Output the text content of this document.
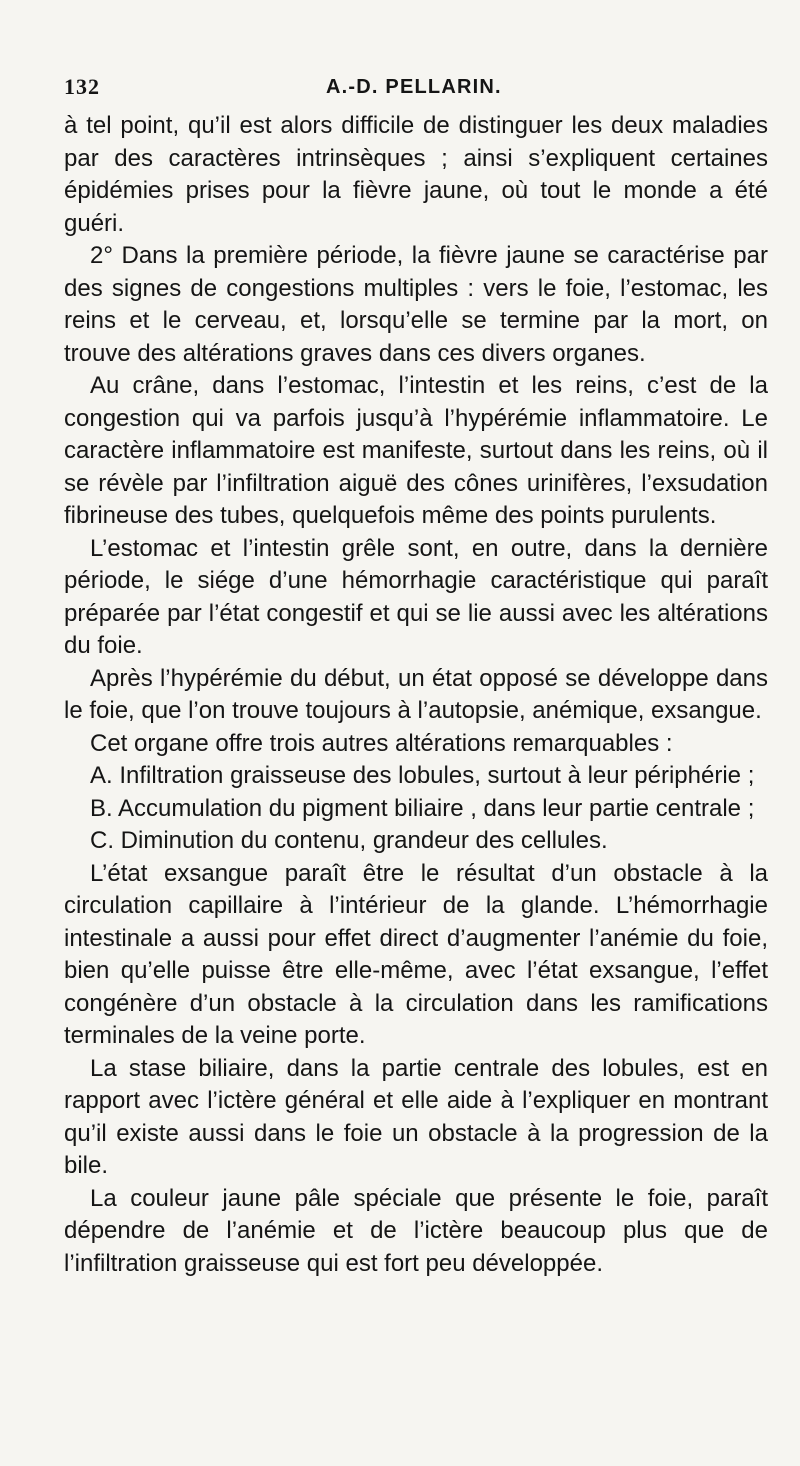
132	A.-D. PELLARIN.

à tel point, qu’il est alors difficile de distinguer les deux maladies par des caractères intrinsèques ; ainsi s’expliquent certaines épidémies prises pour la fièvre jaune, où tout le monde a été guéri.

2° Dans la première période, la fièvre jaune se caractérise par des signes de congestions multiples : vers le foie, l’estomac, les reins et le cerveau, et, lorsqu’elle se termine par la mort, on trouve des altérations graves dans ces divers organes.

Au crâne, dans l’estomac, l’intestin et les reins, c’est de la congestion qui va parfois jusqu’à l’hypérémie inflammatoire. Le caractère inflammatoire est manifeste, surtout dans les reins, où il se révèle par l’infiltration aiguë des cônes urinifères, l’exsudation fibrineuse des tubes, quelquefois même des points purulents.

L’estomac et l’intestin grêle sont, en outre, dans la dernière période, le siége d’une hémorrhagie caractéristique qui paraît préparée par l’état congestif et qui se lie aussi avec les altérations du foie.

Après l’hypérémie du début, un état opposé se développe dans le foie, que l’on trouve toujours à l’autopsie, anémique, exsangue.

Cet organe offre trois autres altérations remarquables :

A. Infiltration graisseuse des lobules, surtout à leur périphérie ;

B. Accumulation du pigment biliaire , dans leur partie centrale ;

C. Diminution du contenu, grandeur des cellules.

L’état exsangue paraît être le résultat d’un obstacle à la circulation capillaire à l’intérieur de la glande. L’hémorrhagie intestinale a aussi pour effet direct d’augmenter l’anémie du foie, bien qu’elle puisse être elle-même, avec l’état exsangue, l’effet congénère d’un obstacle à la circulation dans les ramifications terminales de la veine porte.

La stase biliaire, dans la partie centrale des lobules, est en rapport avec l’ictère général et elle aide à l’expliquer en montrant qu’il existe aussi dans le foie un obstacle à la progression de la bile.

La couleur jaune pâle spéciale que présente le foie, paraît dépendre de l’anémie et de l’ictère beaucoup plus que de l’infiltration graisseuse qui est fort peu développée.
